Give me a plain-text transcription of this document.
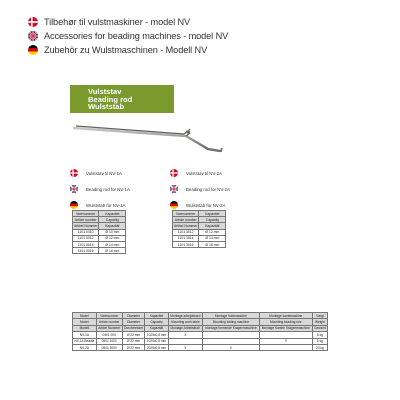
Tilbehør til vulstmaskiner - model NV
Accessories for beading machines - model NV
Zubehör zu Wulstmaschinen - Modell NV
Vulststav
Beading rod
Wulststab
Vulststav til NV-1A
Beading rod for NV-1A
Wulststab für NV-1A
Vulststav til NV-2A
Beading rod for NV-2A
Wulststab für NV-2A
Varenummer	Kapacitet
Article number	Capacity
Artikel Nummer	Kapazität
1101 0010	Ø 10 mm
1101 0012	Ø 12 mm
1101 0014	Ø 14 mm
1101 0016	Ø 16 mm
Varenummer	Kapacitet
Article number	Capacity
Artikel Nummer	Kapazität
1101 3012	Ø 12 mm
1101 3014	Ø 14 mm
1101 3016	Ø 16 mm
Model	Varenummer	Diameter	Kapacitet	Montage arbejdsbord	Montage foldemaskine	Montage kantemaskine	Vægt
Model	Article number	Diameter	Capacity	Mounting work table	Mounting folding machine	Mounting beading rule	Weight
Modell	Artikel Nummer	Durchmesser	Kapazität	Montage Arbeitstisch	Montage formende Kragenmaschine	Montage Kanten Kragenmaschine	Gewicht
NV-1A	0501 000	Ø 22 mm	1025x0,8 mm	X			5 kg
NV-1A Beadla	0501 1000	Ø 22 mm	1025x0,8 mm			X	5 kg
NV-2A	0501 3000	Ø 22 mm	2025x0,8 mm	X	X		23 kg
